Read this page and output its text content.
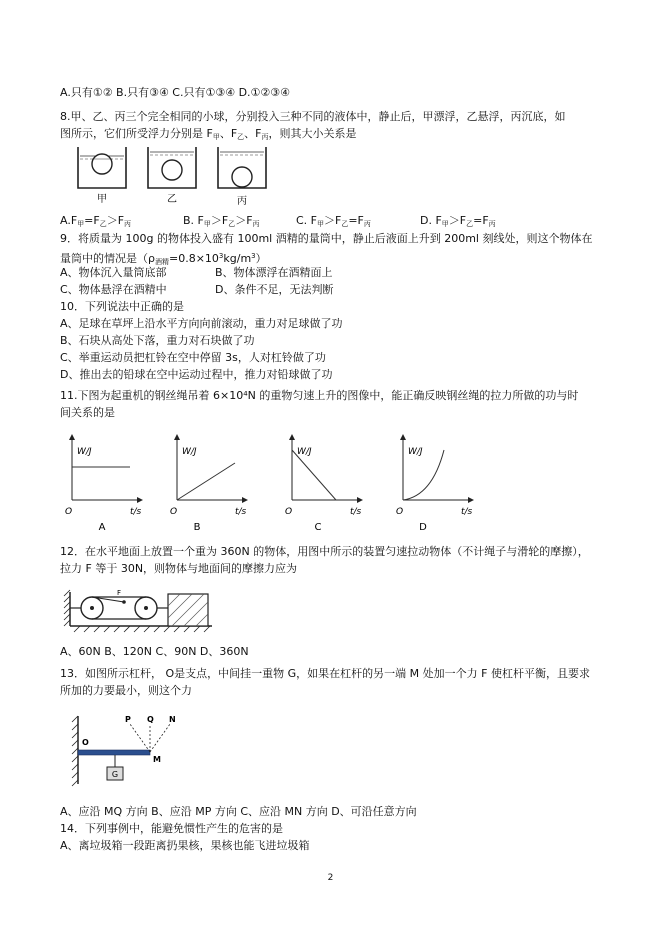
A.只有①② B.只有③④ C.只有①③④ D.①②③④
8.甲、乙、丙三个完全相同的小球，分别投入三种不同的液体中，静止后，甲漂浮，乙悬浮，丙沉底，如
图所示，它们所受浮力分别是 $F_甲$、$F_乙$、$F_丙$，则其大小关系是
甲	乙	丙
$A.F_甲=F_乙>F_丙$	B. $F_甲>F_乙>F_丙$	C. $F_甲>F_乙=F_丙$	D. $F_甲>F_乙=F_丙$
9．将质量为 100g 的物体投入盛有 100ml 酒精的量筒中，静止后液面上升到 200ml 刻线处，则这个物体在
量筒中的情况是$(\rho_{酒精}=0.8\times 10^3kg/m^3)$
A、物体沉入量筒底部	B、物体漂浮在酒精面上
C、物体悬浮在酒精中	D、条件不足，无法判断
10．下列说法中正确的是
A、足球在草坪上沿水平方向向前滚动，重力对足球做了功
B、石块从高处下落，重力对石块做了功
C、举重运动员把杠铃在空中停留 3s，人对杠铃做了功
D、推出去的铅球在空中运动过程中，推力对铅球做了功
11.下图为起重机的钢丝绳吊着 6×10⁴N 的重物匀速上升的图像中，能正确反映钢丝绳的拉力所做的功与时
间关系的是
W/J
t/s
O
A
W/J
t/s
O
B
W/J
t/s
O
C
W/J
t/s
O
D
12．在水平地面上放置一个重为 360N 的物体，用图中所示的装置匀速拉动物体（不计绳子与滑轮的摩擦），
拉力 F 等于 30N，则物体与地面间的摩擦力应为
F
A、60N B、120N C、90N D、360N
13．如图所示杠杆， O是支点，中间挂一重物 G，如果在杠杆的另一端 M 处加一个力 F 使杠杆平衡，且要求
所加的力要最小，则这个力
G
O
P Q N
M
A、应沿 MQ 方向 B、应沿 MP 方向 C、应沿 MN 方向 D、可沿任意方向
14．下列事例中，能避免惯性产生的危害的是
A、离垃圾箱一段距离扔果核，果核也能飞进垃圾箱
2
